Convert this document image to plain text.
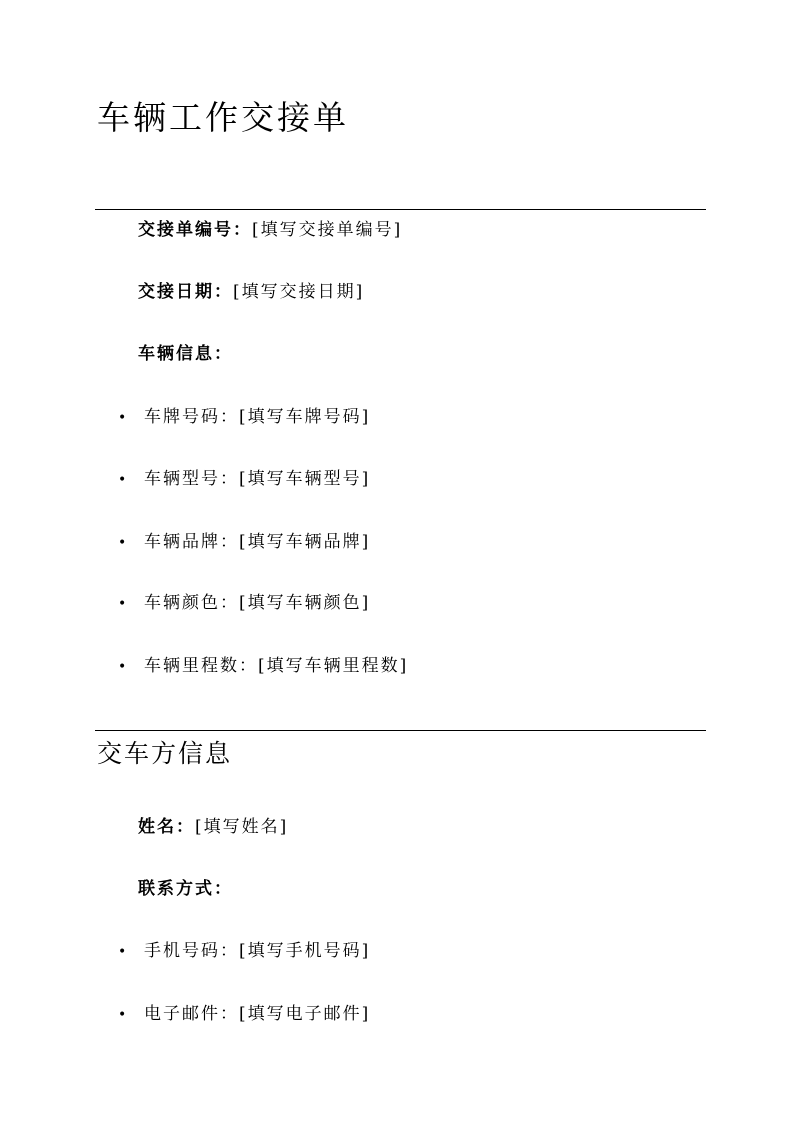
车辆工作交接单
交接单编号：[填写交接单编号]
交接日期：[填写交接日期]
车辆信息：
• 车牌号码：[填写车牌号码]
• 车辆型号：[填写车辆型号]
• 车辆品牌：[填写车辆品牌]
• 车辆颜色：[填写车辆颜色]
• 车辆里程数：[填写车辆里程数]
交车方信息
姓名：[填写姓名]
联系方式：
• 手机号码：[填写手机号码]
• 电子邮件：[填写电子邮件]
